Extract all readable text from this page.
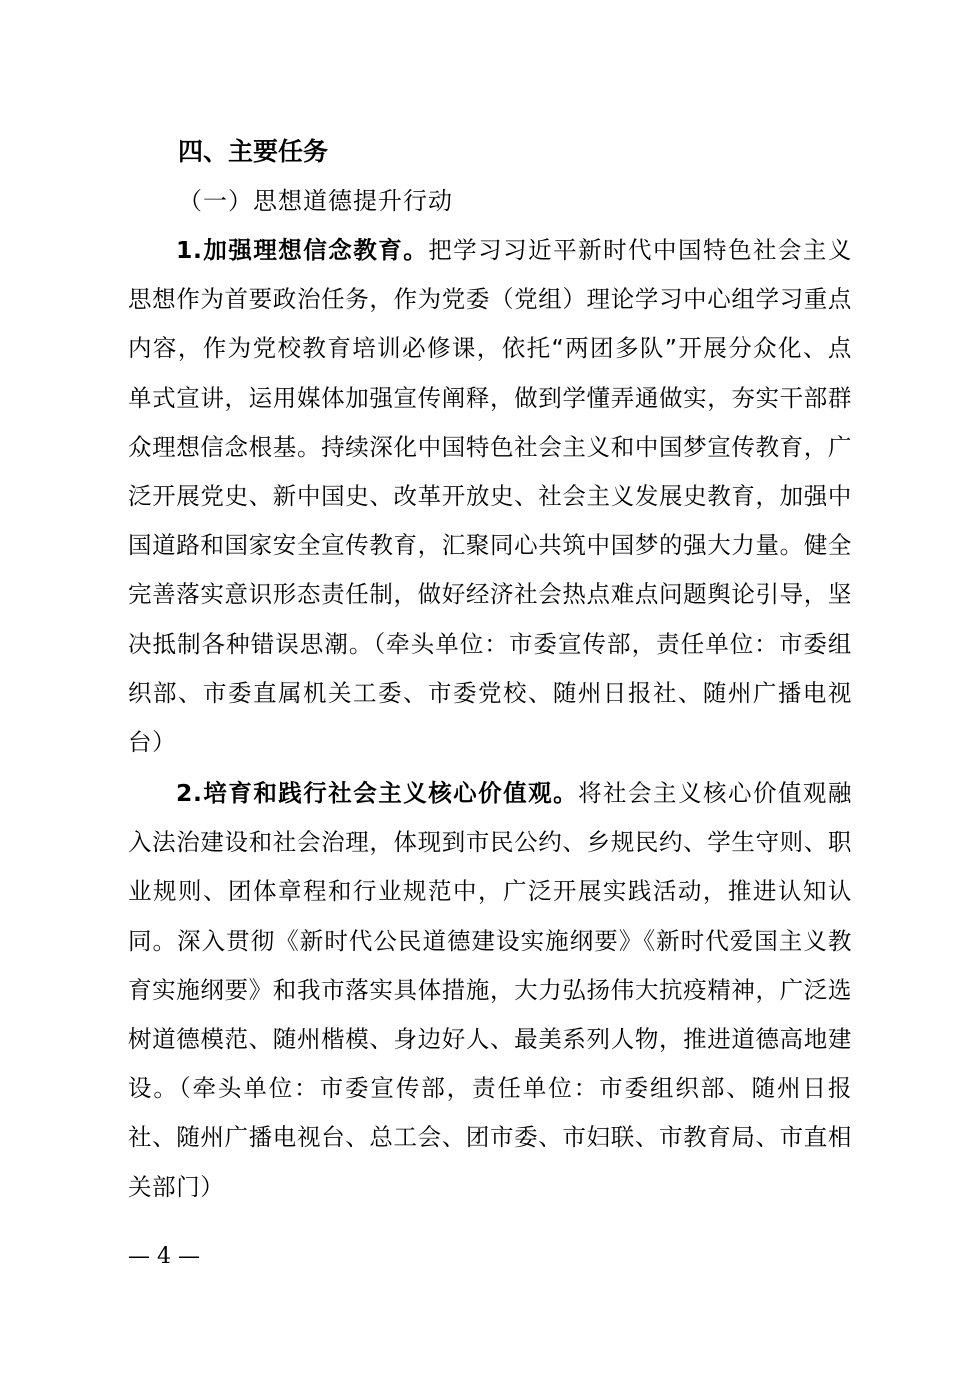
四、主要任务
（一）思想道德提升行动

1.加强理想信念教育。把学习习近平新时代中国特色社会主义思想作为首要政治任务，作为党委（党组）理论学习中心组学习重点内容，作为党校教育培训必修课，依托“两团多队”开展分众化、点单式宣讲，运用媒体加强宣传阐释，做到学懂弄通做实，夯实干部群众理想信念根基。持续深化中国特色社会主义和中国梦宣传教育，广泛开展党史、新中国史、改革开放史、社会主义发展史教育，加强中国道路和国家安全宣传教育，汇聚同心共筑中国梦的强大力量。健全完善落实意识形态责任制，做好经济社会热点难点问题舆论引导，坚决抵制各种错误思潮。（牵头单位：市委宣传部，责任单位：市委组织部、市委直属机关工委、市委党校、随州日报社、随州广播电视台）

2.培育和践行社会主义核心价值观。将社会主义核心价值观融入法治建设和社会治理，体现到市民公约、乡规民约、学生守则、职业规则、团体章程和行业规范中，广泛开展实践活动，推进认知认同。深入贯彻《新时代公民道德建设实施纲要》《新时代爱国主义教育实施纲要》和我市落实具体措施，大力弘扬伟大抗疫精神，广泛选树道德模范、随州楷模、身边好人、最美系列人物，推进道德高地建设。（牵头单位：市委宣传部，责任单位：市委组织部、随州日报社、随州广播电视台、总工会、团市委、市妇联、市教育局、市直相关部门）

— 4 —
